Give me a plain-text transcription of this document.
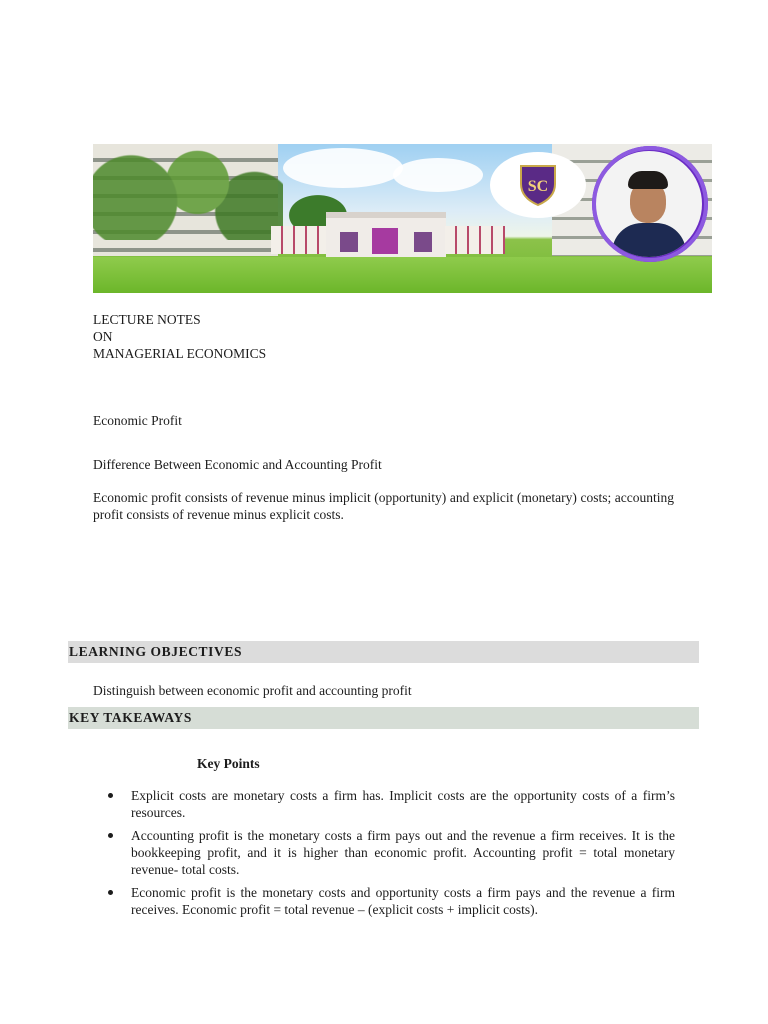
SC
LECTURE NOTES
ON
MANAGERIAL ECONOMICS

Economic Profit

Difference Between Economic and Accounting Profit

Economic profit consists of revenue minus implicit (opportunity) and explicit (monetary) costs; accounting profit consists of revenue minus explicit costs.

LEARNING OBJECTIVES

Distinguish between economic profit and accounting profit

KEY TAKEAWAYS
Key Points
Explicit costs are monetary costs a firm has. Implicit costs are the opportunity costs of a firm’s resources.
Accounting profit is the monetary costs a firm pays out and the revenue a firm receives. It is the bookkeeping profit, and it is higher than economic profit. Accounting profit = total monetary revenue- total costs.
Economic profit is the monetary costs and opportunity costs a firm pays and the revenue a firm receives. Economic profit = total revenue – (explicit costs + implicit costs).
